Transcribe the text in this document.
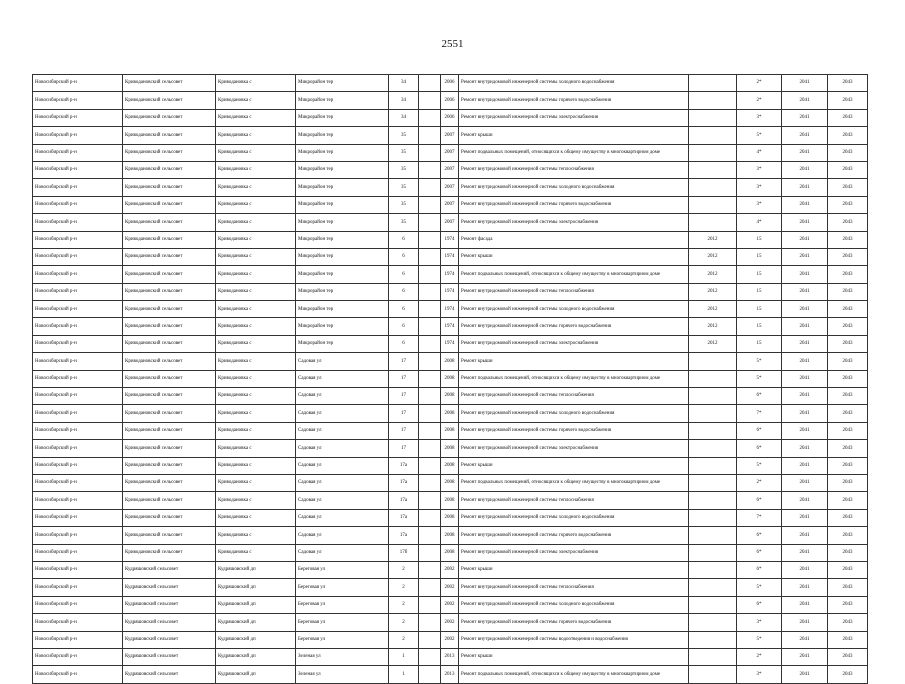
2551
Новосибирский р-н	Криводановский сельсовет	Криводановка с	Микрорайон тер	34		2006	Ремонт внутридомовой инженерной системы холодного водоснабжения		2*	2041	2043
Новосибирский р-н	Криводановский сельсовет	Криводановка с	Микрорайон тер	34		2006	Ремонт внутридомовой инженерной системы горячего водоснабжения		2*	2041	2043
Новосибирский р-н	Криводановский сельсовет	Криводановка с	Микрорайон тер	34		2006	Ремонт внутридомовой инженерной системы электроснабжения		3*	2041	2043
Новосибирский р-н	Криводановский сельсовет	Криводановка с	Микрорайон тер	35		2007	Ремонт крыши		5*	2041	2043
Новосибирский р-н	Криводановский сельсовет	Криводановка с	Микрорайон тер	35		2007	Ремонт подвальных помещений, относящихся к общему имуществу в многоквартирном доме		4*	2041	2043
Новосибирский р-н	Криводановский сельсовет	Криводановка с	Микрорайон тер	35		2007	Ремонт внутридомовой инженерной системы теплоснабжения		3*	2041	2043
Новосибирский р-н	Криводановский сельсовет	Криводановка с	Микрорайон тер	35		2007	Ремонт внутридомовой инженерной системы холодного водоснабжения		3*	2041	2043
Новосибирский р-н	Криводановский сельсовет	Криводановка с	Микрорайон тер	35		2007	Ремонт внутридомовой инженерной системы горячего водоснабжения		3*	2041	2043
Новосибирский р-н	Криводановский сельсовет	Криводановка с	Микрорайон тер	35		2007	Ремонт внутридомовой инженерной системы электроснабжения		4*	2041	2043
Новосибирский р-н	Криводановский сельсовет	Криводановка с	Микрорайон тер	6		1974	Ремонт фасада	2012	15	2041	2043
Новосибирский р-н	Криводановский сельсовет	Криводановка с	Микрорайон тер	6		1974	Ремонт крыши	2012	15	2041	2043
Новосибирский р-н	Криводановский сельсовет	Криводановка с	Микрорайон тер	6		1974	Ремонт подвальных помещений, относящихся к общему имуществу в многоквартирном доме	2012	15	2041	2043
Новосибирский р-н	Криводановский сельсовет	Криводановка с	Микрорайон тер	6		1974	Ремонт внутридомовой инженерной системы теплоснабжения	2012	15	2041	2043
Новосибирский р-н	Криводановский сельсовет	Криводановка с	Микрорайон тер	6		1974	Ремонт внутридомовой инженерной системы холодного водоснабжения	2012	15	2041	2043
Новосибирский р-н	Криводановский сельсовет	Криводановка с	Микрорайон тер	6		1974	Ремонт внутридомовой инженерной системы горячего водоснабжения	2012	15	2041	2043
Новосибирский р-н	Криводановский сельсовет	Криводановка с	Микрорайон тер	6		1974	Ремонт внутридомовой инженерной системы электроснабжения	2012	15	2041	2043
Новосибирский р-н	Криводановский сельсовет	Криводановка с	Садовая ул	17		2008	Ремонт крыши		5*	2041	2043
Новосибирский р-н	Криводановский сельсовет	Криводановка с	Садовая ул	17		2008	Ремонт подвальных помещений, относящихся к общему имуществу в многоквартирном доме		5*	2041	2043
Новосибирский р-н	Криводановский сельсовет	Криводановка с	Садовая ул	17		2008	Ремонт внутридомовой инженерной системы теплоснабжения		6*	2041	2043
Новосибирский р-н	Криводановский сельсовет	Криводановка с	Садовая ул	17		2008	Ремонт внутридомовой инженерной системы холодного водоснабжения		7*	2041	2043
Новосибирский р-н	Криводановский сельсовет	Криводановка с	Садовая ул	17		2008	Ремонт внутридомовой инженерной системы горячего водоснабжения		6*	2041	2043
Новосибирский р-н	Криводановский сельсовет	Криводановка с	Садовая ул	17		2008	Ремонт внутридомовой инженерной системы электроснабжения		6*	2041	2043
Новосибирский р-н	Криводановский сельсовет	Криводановка с	Садовая ул	17а		2008	Ремонт крыши		5*	2041	2043
Новосибирский р-н	Криводановский сельсовет	Криводановка с	Садовая ул	17а		2008	Ремонт подвальных помещений, относящихся к общему имуществу в многоквартирном доме		2*	2041	2043
Новосибирский р-н	Криводановский сельсовет	Криводановка с	Садовая ул	17а		2008	Ремонт внутридомовой инженерной системы теплоснабжения		6*	2041	2043
Новосибирский р-н	Криводановский сельсовет	Криводановка с	Садовая ул	17а		2008	Ремонт внутридомовой инженерной системы холодного водоснабжения		7*	2041	2043
Новосибирский р-н	Криводановский сельсовет	Криводановка с	Садовая ул	17а		2008	Ремонт внутридомовой инженерной системы горячего водоснабжения		6*	2041	2043
Новосибирский р-н	Криводановский сельсовет	Криводановка с	Садовая ул	17б		2008	Ремонт внутридомовой инженерной системы электроснабжения		6*	2041	2043
Новосибирский р-н	Кудряшовский сельсовет	Кудряшовский дп	Береговая ул	2		2002	Ремонт крыши		6*	2041	2043
Новосибирский р-н	Кудряшовский сельсовет	Кудряшовский дп	Береговая ул	2		2002	Ремонт внутридомовой инженерной системы теплоснабжения		5*	2041	2043
Новосибирский р-н	Кудряшовский сельсовет	Кудряшовский дп	Береговая ул	2		2002	Ремонт внутридомовой инженерной системы холодного водоснабжения		6*	2041	2043
Новосибирский р-н	Кудряшовский сельсовет	Кудряшовский дп	Береговая ул	2		2002	Ремонт внутридомовой инженерной системы горячего водоснабжения		3*	2041	2043
Новосибирский р-н	Кудряшовский сельсовет	Кудряшовский дп	Береговая ул	2		2002	Ремонт внутридомовой инженерной системы водоотведения и водоснабжения		5*	2041	2043
Новосибирский р-н	Кудряшовский сельсовет	Кудряшовский дп	Зеленая ул	1		2013	Ремонт крыши		2*	2041	2043
Новосибирский р-н	Кудряшовский сельсовет	Кудряшовский дп	Зеленая ул	1		2013	Ремонт подвальных помещений, относящихся к общему имуществу в многоквартирном доме		3*	2041	2043
